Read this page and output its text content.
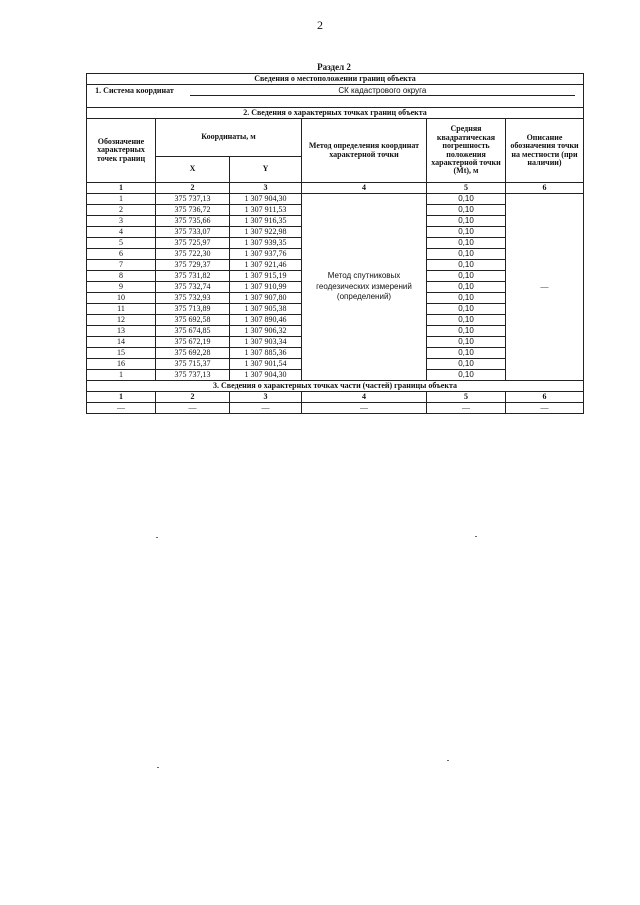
2
Раздел 2
Сведения о местоположении границ объекта					
1. Система координат СК кадастрового округа					

2. Сведения о характерных точках границ объекта					
Обозначение характерных точек границ	Координаты, м		Метод определения координат характерной точки	Средняя квадратическая погрешность положения характерной точки (Mt), м	Описание обозначения точки на местности (при наличии)
	X	Y			
1	2	3	4	5	6
1	375 737,13	1 307 904,30	Метод спутниковых геодезических измерений (определений)	0,10	—
2	375 736,72	1 307 911,53		0,10	
3	375 735,66	1 307 916,35		0,10	
4	375 733,07	1 307 922,98		0,10	
5	375 725,97	1 307 939,35		0,10	
6	375 722,30	1 307 937,76		0,10	
7	375 729,37	1 307 921,46		0,10	
8	375 731,82	1 307 915,19		0,10	
9	375 732,74	1 307 910,99		0,10	
10	375 732,93	1 307 907,80		0,10	
11	375 713,89	1 307 905,38		0,10	
12	375 692,58	1 307 890,46		0,10	
13	375 674,85	1 307 906,32		0,10	
14	375 672,19	1 307 903,34		0,10	
15	375 692,28	1 307 885,36		0,10	
16	375 715,37	1 307 901,54		0,10	
1	375 737,13	1 307 904,30		0,10	
3. Сведения о характерных точках части (частей) границы объекта					
1	2	3	4	5	6
—	—	—	—	—	—
